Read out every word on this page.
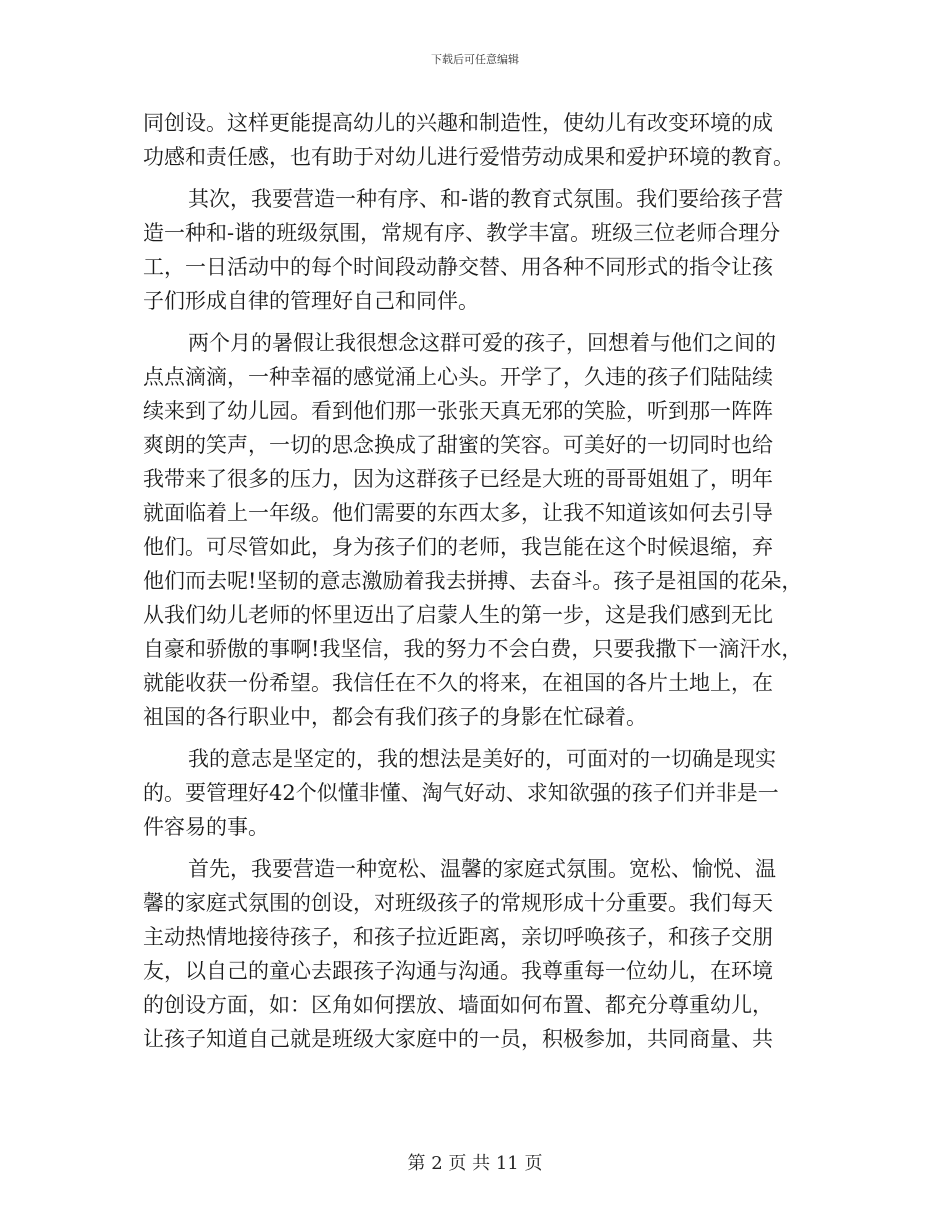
下载后可任意编辑
同创设。这样更能提高幼儿的兴趣和制造性，使幼儿有改变环境的成
功感和责任感，也有助于对幼儿进行爱惜劳动成果和爱护环境的教育。
其次，我要营造一种有序、和-谐的教育式氛围。我们要给孩子营
造一种和-谐的班级氛围，常规有序、教学丰富。班级三位老师合理分
工，一日活动中的每个时间段动静交替、用各种不同形式的指令让孩
子们形成自律的管理好自己和同伴。
两个月的暑假让我很想念这群可爱的孩子，回想着与他们之间的
点点滴滴，一种幸福的感觉涌上心头。开学了，久违的孩子们陆陆续
续来到了幼儿园。看到他们那一张张天真无邪的笑脸，听到那一阵阵
爽朗的笑声，一切的思念换成了甜蜜的笑容。可美好的一切同时也给
我带来了很多的压力，因为这群孩子已经是大班的哥哥姐姐了，明年
就面临着上一年级。他们需要的东西太多，让我不知道该如何去引导
他们。可尽管如此，身为孩子们的老师，我岂能在这个时候退缩，弃
他们而去呢!坚韧的意志激励着我去拼搏、去奋斗。孩子是祖国的花朵，
从我们幼儿老师的怀里迈出了启蒙人生的第一步，这是我们感到无比
自豪和骄傲的事啊!我坚信，我的努力不会白费，只要我撒下一滴汗水，
就能收获一份希望。我信任在不久的将来，在祖国的各片土地上，在
祖国的各行职业中，都会有我们孩子的身影在忙碌着。
我的意志是坚定的，我的想法是美好的，可面对的一切确是现实
的。要管理好42个似懂非懂、淘气好动、求知欲强的孩子们并非是一
件容易的事。
首先，我要营造一种宽松、温馨的家庭式氛围。宽松、愉悦、温
馨的家庭式氛围的创设，对班级孩子的常规形成十分重要。我们每天
主动热情地接待孩子，和孩子拉近距离，亲切呼唤孩子，和孩子交朋
友，以自己的童心去跟孩子沟通与沟通。我尊重每一位幼儿，在环境
的创设方面，如：区角如何摆放、墙面如何布置、都充分尊重幼儿，
让孩子知道自己就是班级大家庭中的一员，积极参加，共同商量、共
第 2 页 共 11 页
